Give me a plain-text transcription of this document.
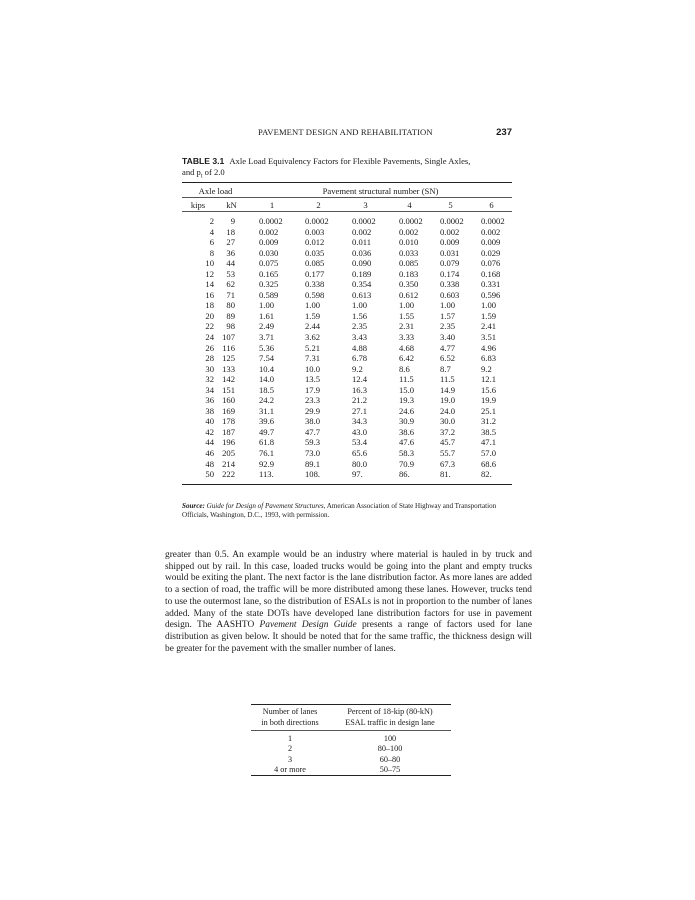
PAVEMENT DESIGN AND REHABILITATION	237
TABLE 3.1 Axle Load Equivalency Factors for Flexible Pavements, Single Axles,
and $p_t$ of 2.0
Axle load		Pavement structural number (SN)					
kips	kN	1	2	3	4	5	6
2	9	0.0002	0.0002	0.0002	0.0002	0.0002	0.0002
4	18	0.002	0.003	0.002	0.002	0.002	0.002
6	27	0.009	0.012	0.011	0.010	0.009	0.009
8	36	0.030	0.035	0.036	0.033	0.031	0.029
10	44	0.075	0.085	0.090	0.085	0.079	0.076
12	53	0.165	0.177	0.189	0.183	0.174	0.168
14	62	0.325	0.338	0.354	0.350	0.338	0.331
16	71	0.589	0.598	0.613	0.612	0.603	0.596
18	80	1.00	1.00	1.00	1.00	1.00	1.00
20	89	1.61	1.59	1.56	1.55	1.57	1.59
22	98	2.49	2.44	2.35	2.31	2.35	2.41
24	107	3.71	3.62	3.43	3.33	3.40	3.51
26	116	5.36	5.21	4.88	4.68	4.77	4.96
28	125	7.54	7.31	6.78	6.42	6.52	6.83
30	133	10.4	10.0	9.2	8.6	8.7	9.2
32	142	14.0	13.5	12.4	11.5	11.5	12.1
34	151	18.5	17.9	16.3	15.0	14.9	15.6
36	160	24.2	23.3	21.2	19.3	19.0	19.9
38	169	31.1	29.9	27.1	24.6	24.0	25.1
40	178	39.6	38.0	34.3	30.9	30.0	31.2
42	187	49.7	47.7	43.0	38.6	37.2	38.5
44	196	61.8	59.3	53.4	47.6	45.7	47.1
46	205	76.1	73.0	65.6	58.3	55.7	57.0
48	214	92.9	89.1	80.0	70.9	67.3	68.6
50	222	113.	108.	97.	86.	81.	82.
Source: Guide for Design of Pavement Structures, American Association of State Highway and Transportation Officials, Washington, D.C., 1993, with permission.

greater than 0.5. An example would be an industry where material is hauled in by truck and shipped out by rail. In this case, loaded trucks would be going into the plant and empty trucks would be exiting the plant. The next factor is the lane distribution factor. As more lanes are added to a section of road, the traffic will be more distributed among these lanes. However, trucks tend to use the outermost lane, so the distribution of ESALs is not in proportion to the number of lanes added. Many of the state DOTs have developed lane distribution factors for use in pavement design. The AASHTO Pavement Design Guide presents a range of factors used for lane distribution as given below. It should be noted that for the same traffic, the thickness design will be greater for the pavement with the smaller number of lanes.

Number of lanes
in both directions	Percent of 18-kip (80-kN)
ESAL traffic in design lane
1	100
2	80–100
3	60–80
4 or more	50–75
